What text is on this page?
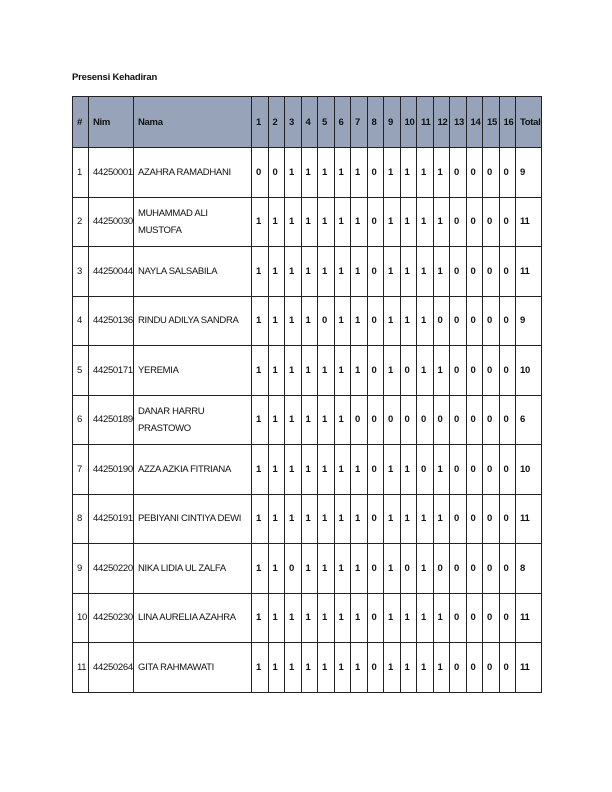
Presensi Kehadiran
#	Nim	Nama	1	2	3	4	5	6	7	8	9	10	11	12	13	14	15	16	Total
1	44250001	AZAHRA RAMADHANI	0	0	1	1	1	1	1	0	1	1	1	1	0	0	0	0	9
2	44250030	MUHAMMAD ALI MUSTOFA	1	1	1	1	1	1	1	0	1	1	1	1	0	0	0	0	11
3	44250044	NAYLA SALSABILA	1	1	1	1	1	1	1	0	1	1	1	1	0	0	0	0	11
4	44250136	RINDU ADILYA SANDRA	1	1	1	1	0	1	1	0	1	1	1	0	0	0	0	0	9
5	44250171	YEREMIA	1	1	1	1	1	1	1	0	1	0	1	1	0	0	0	0	10
6	44250189	DANAR HARRU PRASTOWO	1	1	1	1	1	1	0	0	0	0	0	0	0	0	0	0	6
7	44250190	AZZA AZKIA FITRIANA	1	1	1	1	1	1	1	0	1	1	0	1	0	0	0	0	10
8	44250191	PEBIYANI CINTIYA DEWI	1	1	1	1	1	1	1	0	1	1	1	1	0	0	0	0	11
9	44250220	NIKA LIDIA UL ZALFA	1	1	0	1	1	1	1	0	1	0	1	0	0	0	0	0	8
10	44250230	LINA AURELIA AZAHRA	1	1	1	1	1	1	1	0	1	1	1	1	0	0	0	0	11
11	44250264	GITA RAHMAWATI	1	1	1	1	1	1	1	0	1	1	1	1	0	0	0	0	11
